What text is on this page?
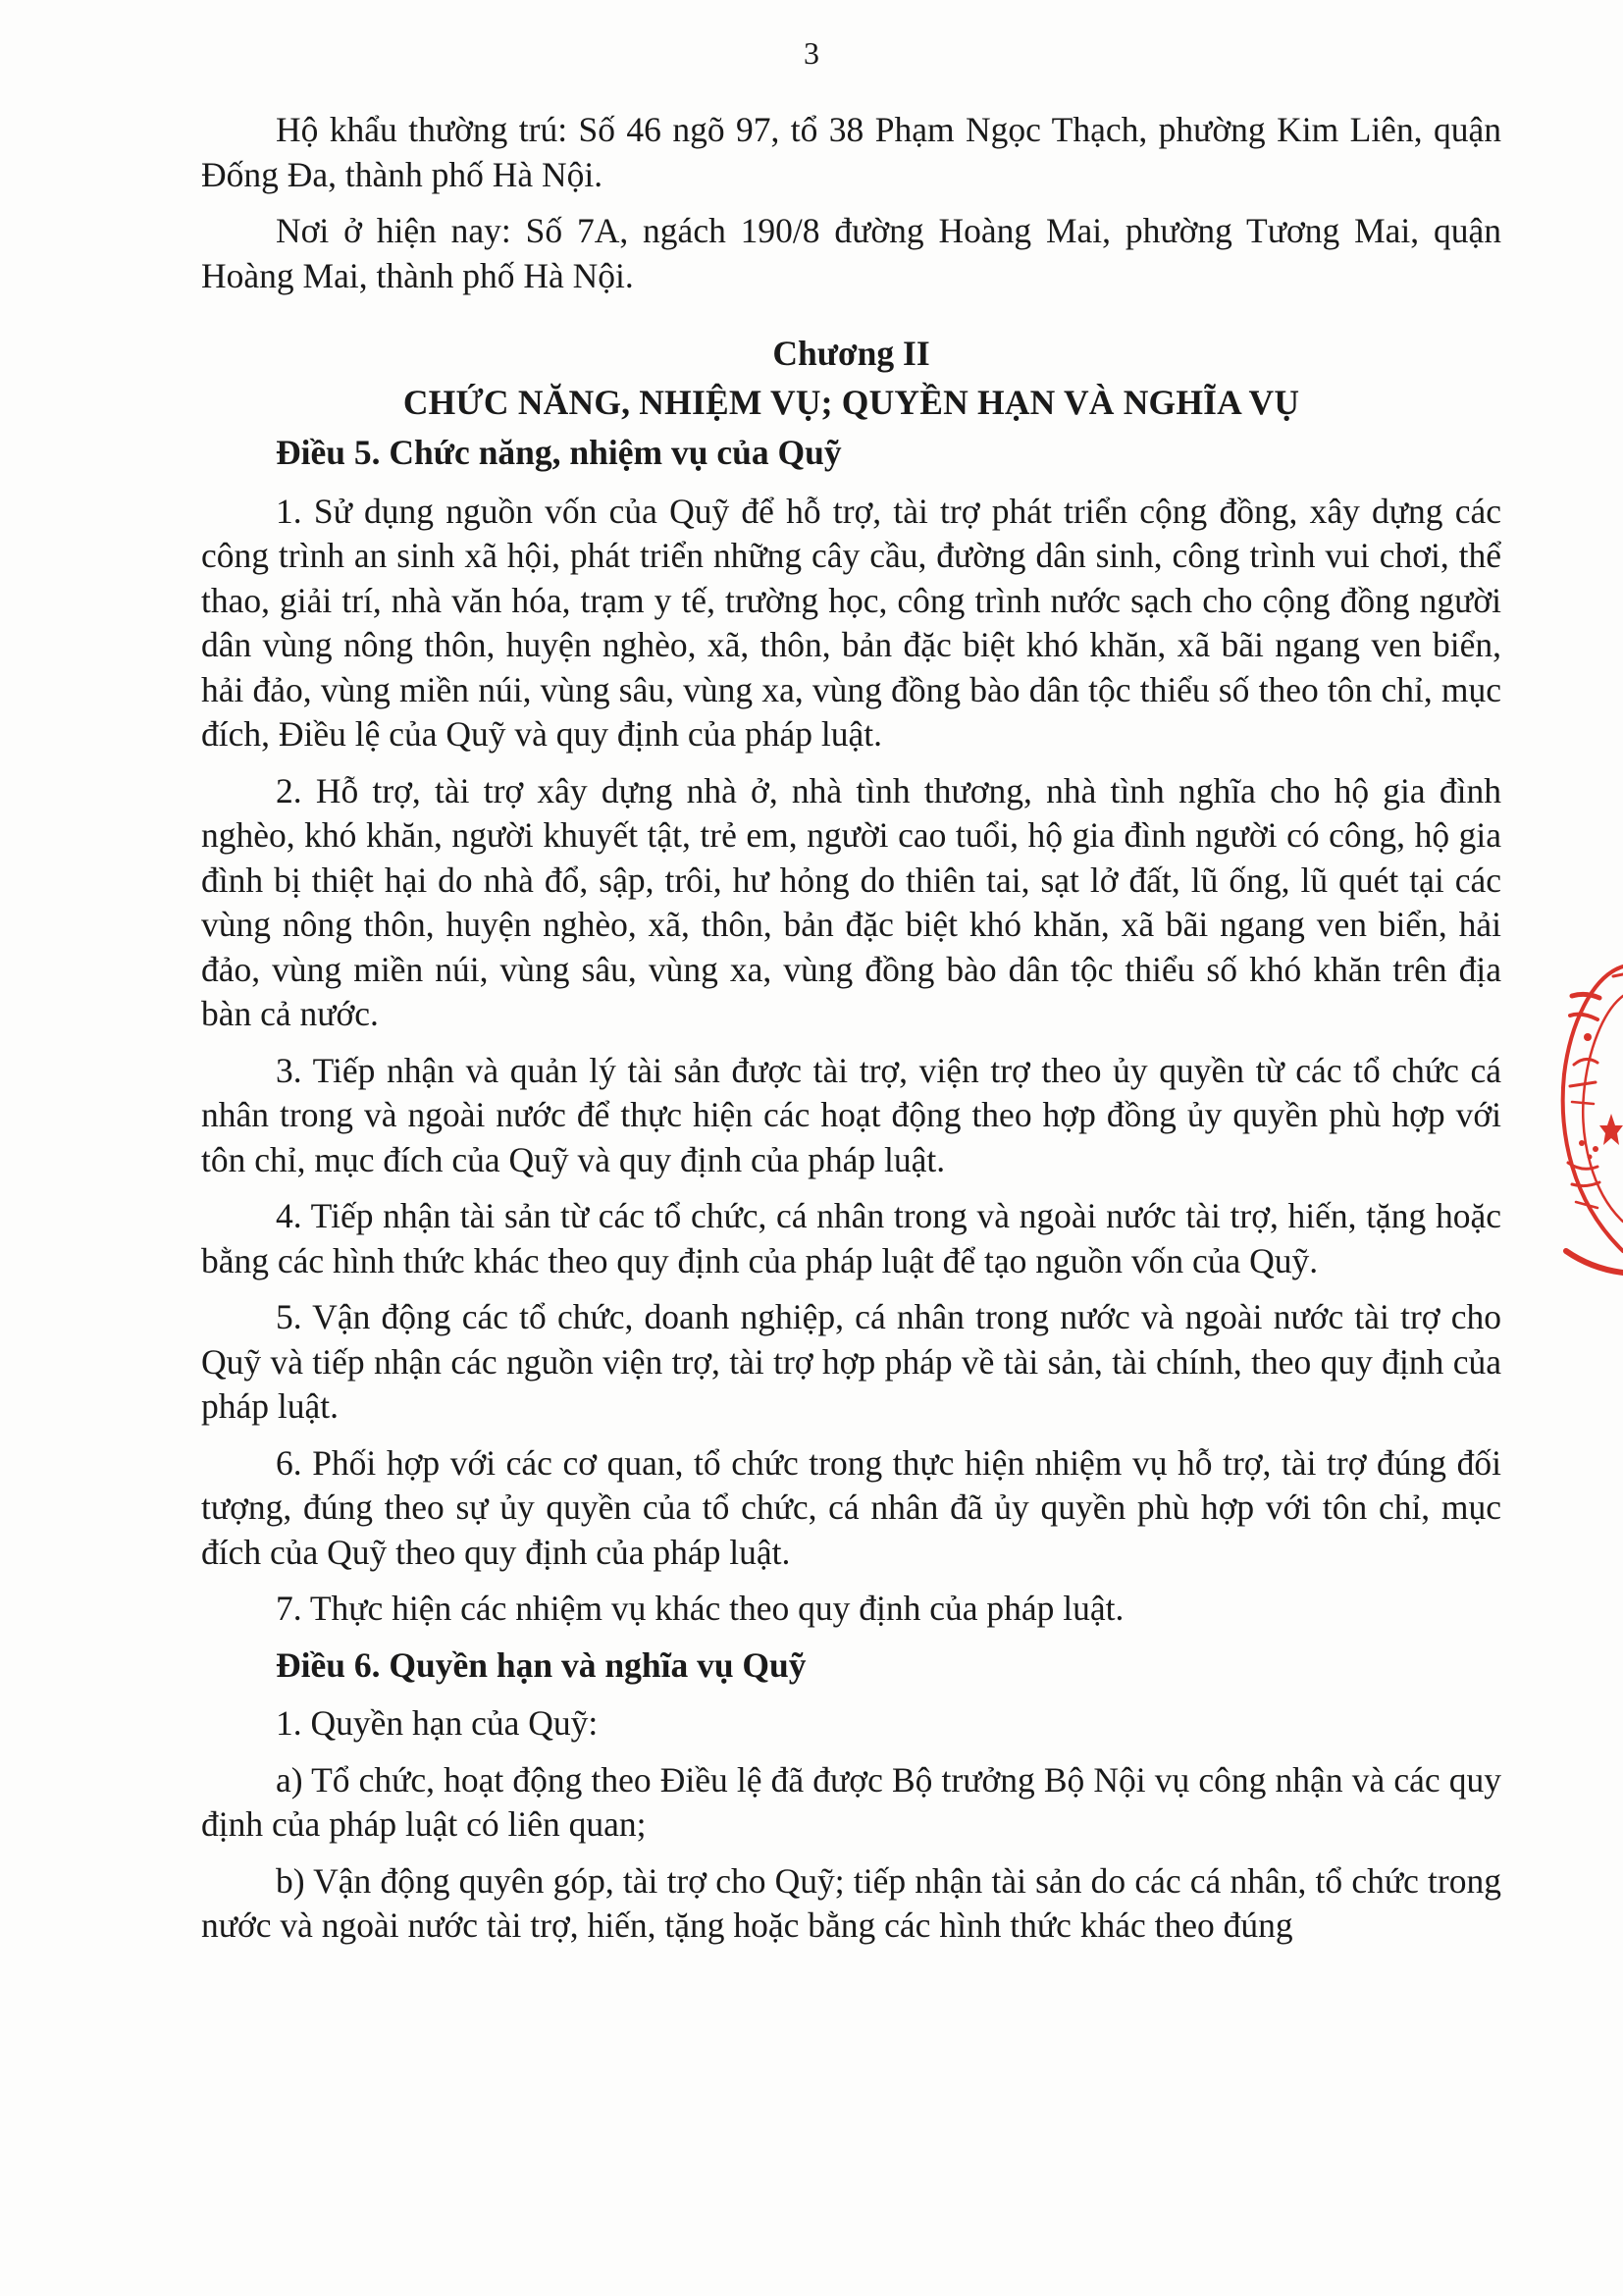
3

Hộ khẩu thường trú: Số 46 ngõ 97, tổ 38 Phạm Ngọc Thạch, phường Kim Liên, quận Đống Đa, thành phố Hà Nội.

Nơi ở hiện nay: Số 7A, ngách 190/8 đường Hoàng Mai, phường Tương Mai, quận Hoàng Mai, thành phố Hà Nội.

Chương II
CHỨC NĂNG, NHIỆM VỤ; QUYỀN HẠN VÀ NGHĨA VỤ
Điều 5. Chức năng, nhiệm vụ của Quỹ

1. Sử dụng nguồn vốn của Quỹ để hỗ trợ, tài trợ phát triển cộng đồng, xây dựng các công trình an sinh xã hội, phát triển những cây cầu, đường dân sinh, công trình vui chơi, thể thao, giải trí, nhà văn hóa, trạm y tế, trường học, công trình nước sạch cho cộng đồng người dân vùng nông thôn, huyện nghèo, xã, thôn, bản đặc biệt khó khăn, xã bãi ngang ven biển, hải đảo, vùng miền núi, vùng sâu, vùng xa, vùng đồng bào dân tộc thiểu số theo tôn chỉ, mục đích, Điều lệ của Quỹ và quy định của pháp luật.

2. Hỗ trợ, tài trợ xây dựng nhà ở, nhà tình thương, nhà tình nghĩa cho hộ gia đình nghèo, khó khăn, người khuyết tật, trẻ em, người cao tuổi, hộ gia đình người có công, hộ gia đình bị thiệt hại do nhà đổ, sập, trôi, hư hỏng do thiên tai, sạt lở đất, lũ ống, lũ quét tại các vùng nông thôn, huyện nghèo, xã, thôn, bản đặc biệt khó khăn, xã bãi ngang ven biển, hải đảo, vùng miền núi, vùng sâu, vùng xa, vùng đồng bào dân tộc thiểu số khó khăn trên địa bàn cả nước.

3. Tiếp nhận và quản lý tài sản được tài trợ, viện trợ theo ủy quyền từ các tổ chức cá nhân trong và ngoài nước để thực hiện các hoạt động theo hợp đồng ủy quyền phù hợp với tôn chỉ, mục đích của Quỹ và quy định của pháp luật.

4. Tiếp nhận tài sản từ các tổ chức, cá nhân trong và ngoài nước tài trợ, hiến, tặng hoặc bằng các hình thức khác theo quy định của pháp luật để tạo nguồn vốn của Quỹ.

5. Vận động các tổ chức, doanh nghiệp, cá nhân trong nước và ngoài nước tài trợ cho Quỹ và tiếp nhận các nguồn viện trợ, tài trợ hợp pháp về tài sản, tài chính, theo quy định của pháp luật.

6. Phối hợp với các cơ quan, tổ chức trong thực hiện nhiệm vụ hỗ trợ, tài trợ đúng đối tượng, đúng theo sự ủy quyền của tổ chức, cá nhân đã ủy quyền phù hợp với tôn chỉ, mục đích của Quỹ theo quy định của pháp luật.

7. Thực hiện các nhiệm vụ khác theo quy định của pháp luật.

Điều 6. Quyền hạn và nghĩa vụ Quỹ

1. Quyền hạn của Quỹ:

a) Tổ chức, hoạt động theo Điều lệ đã được Bộ trưởng Bộ Nội vụ công nhận và các quy định của pháp luật có liên quan;

b) Vận động quyên góp, tài trợ cho Quỹ; tiếp nhận tài sản do các cá nhân, tổ chức trong nước và ngoài nước tài trợ, hiến, tặng hoặc bằng các hình thức khác theo đúng
